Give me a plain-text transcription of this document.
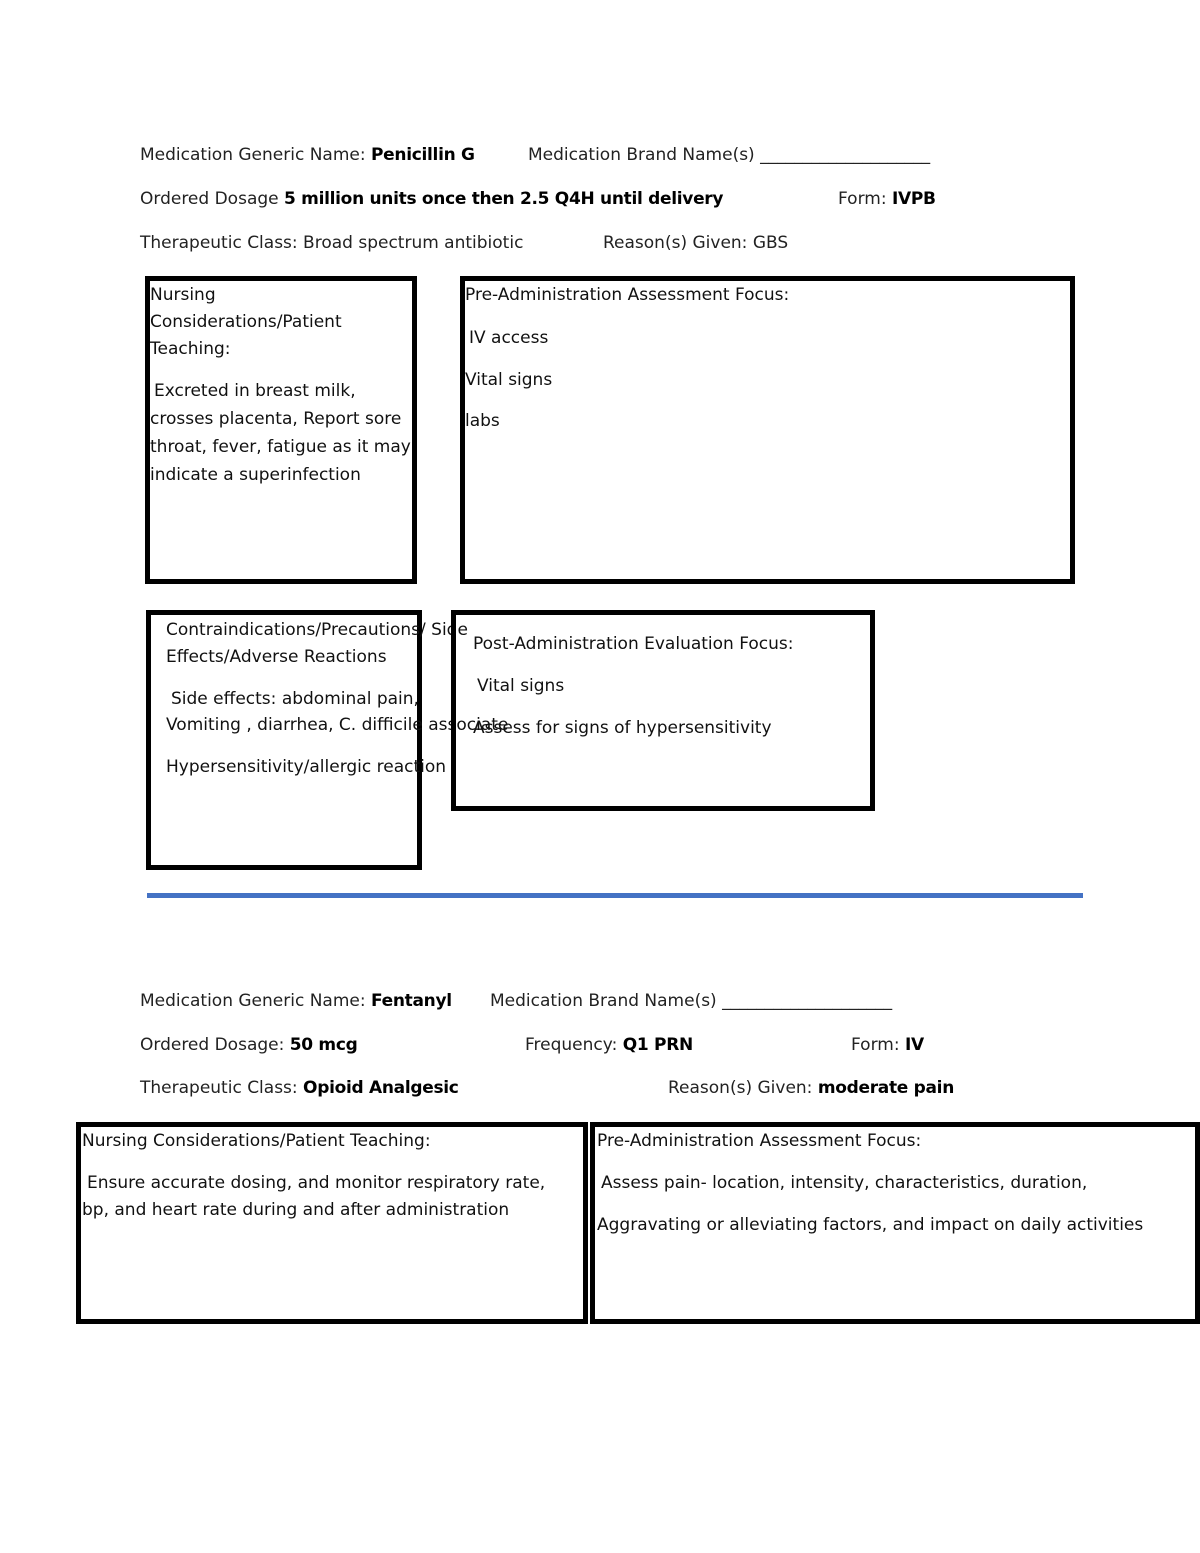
Medication Generic Name: Penicillin G	Medication Brand Name(s) ____________________
Ordered Dosage 5 million units once then 2.5 Q4H until delivery	Form: IVPB
Therapeutic Class: Broad spectrum antibiotic	Reason(s) Given: GBS

Nursing

Considerations/Patient

Teaching:

Excreted in breast milk,

crosses placenta, Report sore

throat, fever, fatigue as it may

indicate a superinfection

Pre-Administration Assessment Focus:

IV access

Vital signs

labs

Contraindications/Precautions/ Side

Effects/Adverse Reactions

Side effects: abdominal pain,

Vomiting , diarrhea, C. difficile associate

Hypersensitivity/allergic reaction

Post-Administration Evaluation Focus:

Vital signs

Assess for signs of hypersensitivity

Medication Generic Name: Fentanyl Medication Brand Name(s) ____________________
Ordered Dosage: 50 mcg	Frequency: Q1 PRN	Form: IV
Therapeutic Class: Opioid Analgesic	Reason(s) Given: moderate pain

Nursing Considerations/Patient Teaching:

Ensure accurate dosing, and monitor respiratory rate,

bp, and heart rate during and after administration

Pre-Administration Assessment Focus:

Assess pain- location, intensity, characteristics, duration,

Aggravating or alleviating factors, and impact on daily activities
